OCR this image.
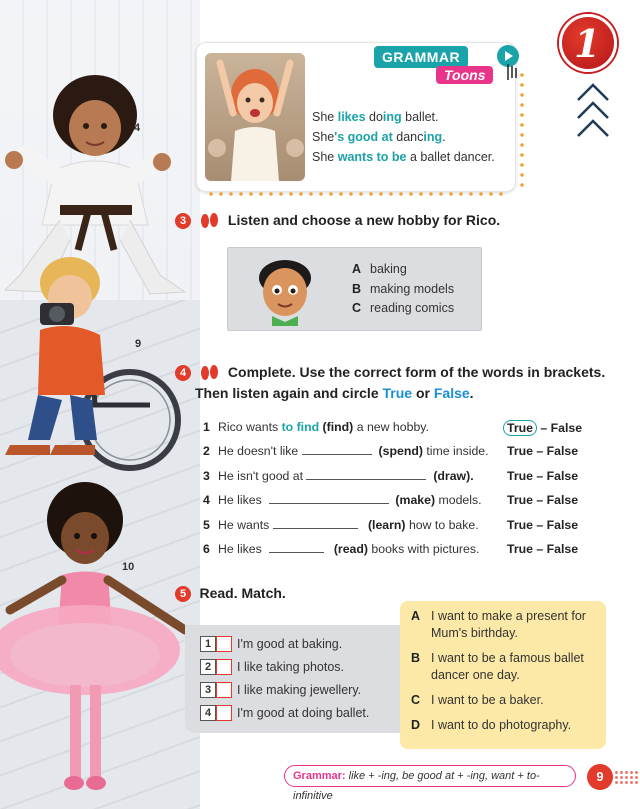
4
9
10
1
She likes doing ballet.
She's good at dancing.
She wants to be a ballet dancer.
GRAMMAR
Toons
3	Listen and choose a new hobby for Rico.
A baking
B making models
C reading comics
4	Complete. Use the correct form of the words in brackets.
Then listen again and circle True or False.
1 Rico wants to find (find) a new hobby.	True – False
2 He doesn't like	(spend) time inside. True – False
3 He isn't good at	(draw).	True – False
4 He likes	(make) models. True – False
5 He wants	(learn) how to bake. True – False
6 He likes	(read) books with pictures. True – False
5 Read. Match.
1 I'm good at baking.
2 I like taking photos.
3 I like making jewellery.
4 I'm good at doing ballet.
A I want to make a present for Mum's birthday.
B I want to be a famous ballet dancer one day.
C I want to be a baker.
D I want to do photography.
Grammar: like + -ing, be good at + -ing, want + to-infinitive
9
